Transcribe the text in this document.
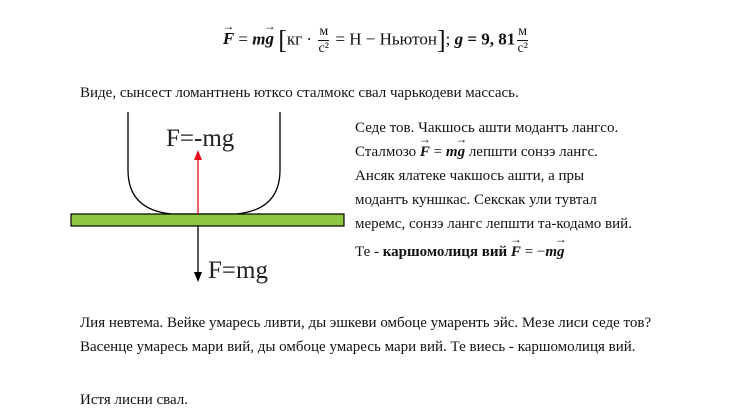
→ F = m→ g [$кг \cdot \frac{м}{\text{с²}} = Н$ − Ньютон]; g = 9, $81 \frac{м}{\text{с²}}$
Виде, сынсест ломантнень ютксо сталмокс свал чарькодеви массась.
F=-mg
F=mg
Седе тов. Чакшось ашти модантъ лангсо.
Сталмозо → F = m→ g лепшти сонзэ лангс.
Ансяк ялатеке чакшось ашти, а пры
модантъ куншкас. Секскак ули тувтал
меремс, сонзэ лангс лепшти та-кодамо вий.
Те - каршомолиця вий → F = −m→ g
Лия невтема. Вейке умаресь ливти, ды эшкеви омбоце умаренть эйс. Мезе лиси седе тов? Васенце умаресь мари вий, ды омбоце умаресь мари вий. Те виесь - каршомолиця вий.
Истя лисни свал.
